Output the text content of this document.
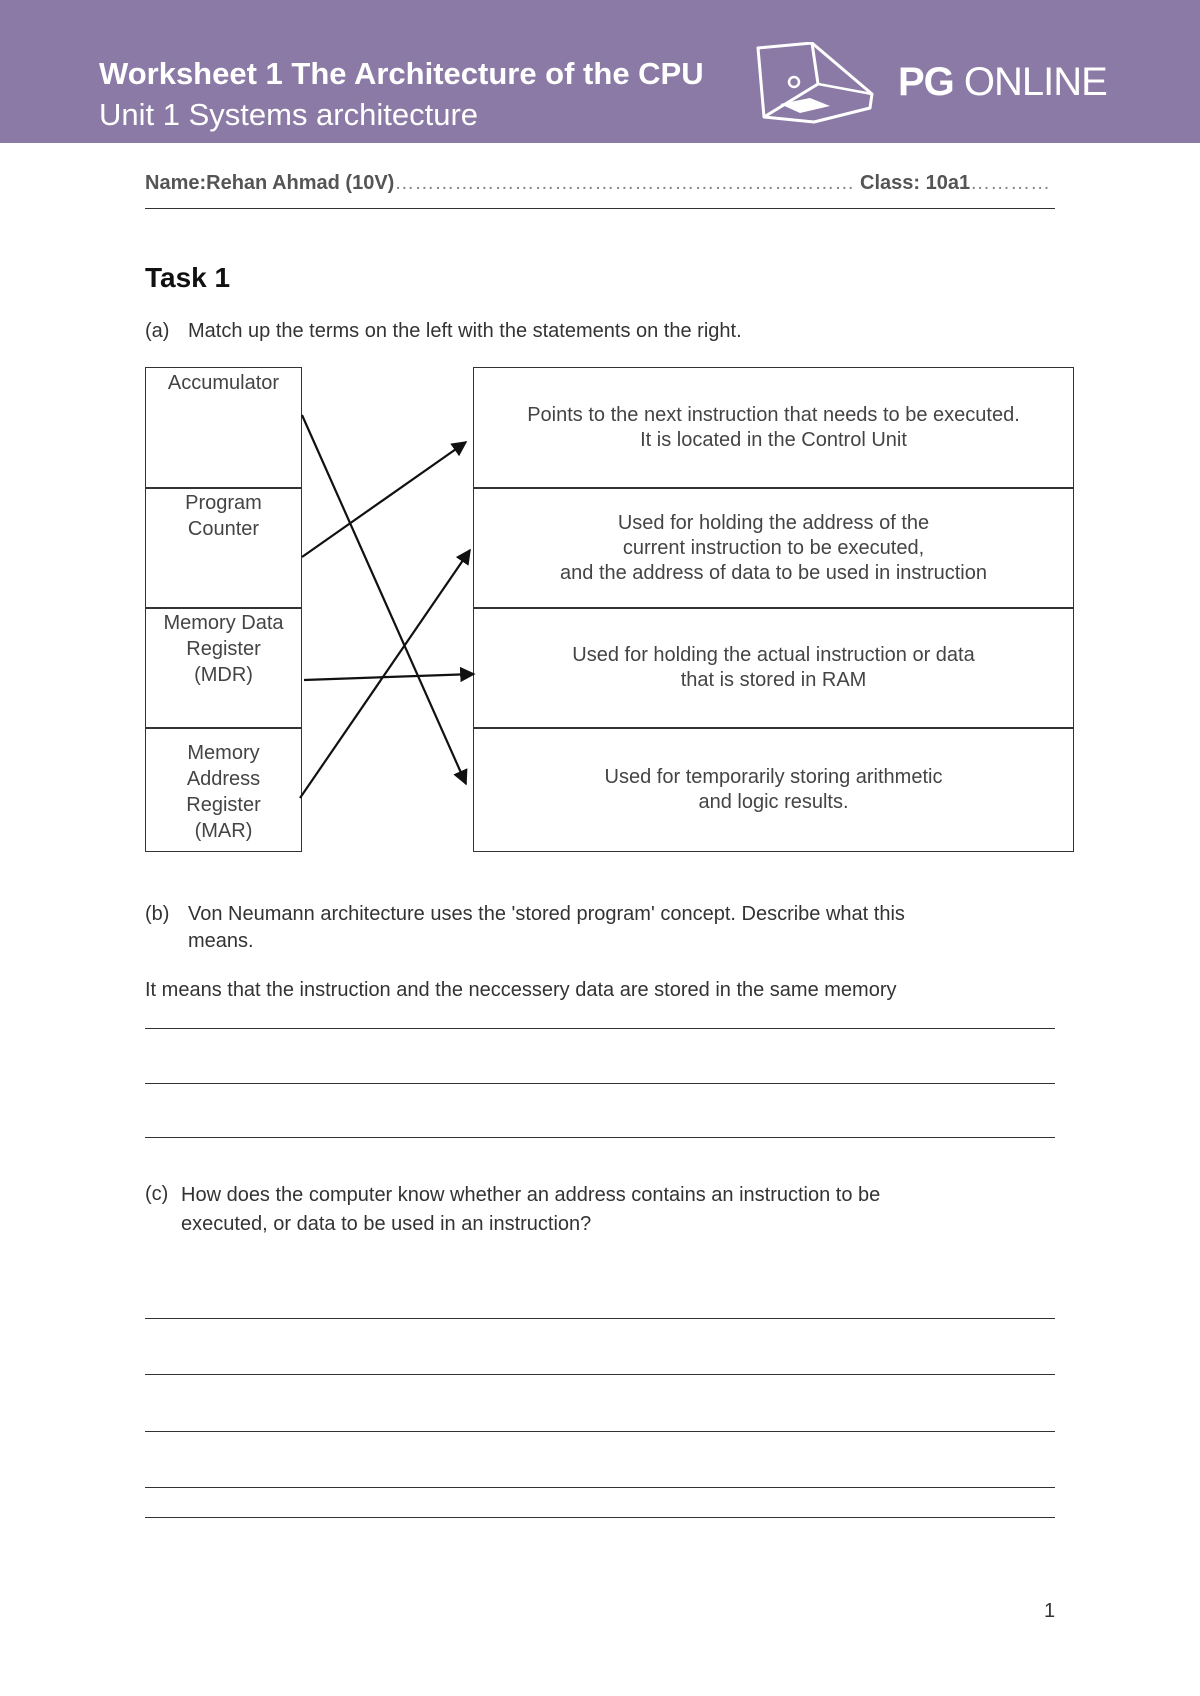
Worksheet 1 The Architecture of the CPU
Unit 1 Systems architecture
PG ONLINE
Name:Rehan Ahmad (10V)…………………………………………………………… Class: 10a1…………
Task 1
(a) Match up the terms on the left with the statements on the right.
Accumulator
Program Counter
Memory Data Register (MDR)
Memory Address Register (MAR)
Points to the next instruction that needs to be executed.
It is located in the Control Unit
Used for holding the address of the
current instruction to be executed,
and the address of data to be used in instruction
Used for holding the actual instruction or data
that is stored in RAM
Used for temporarily storing arithmetic
and logic results.
(b) Von Neumann architecture uses the 'stored program' concept. Describe what this
means.
It means that the instruction and the neccessery data are stored in the same memory
(c) How does the computer know whether an address contains an instruction to be
executed, or data to be used in an instruction?
1
